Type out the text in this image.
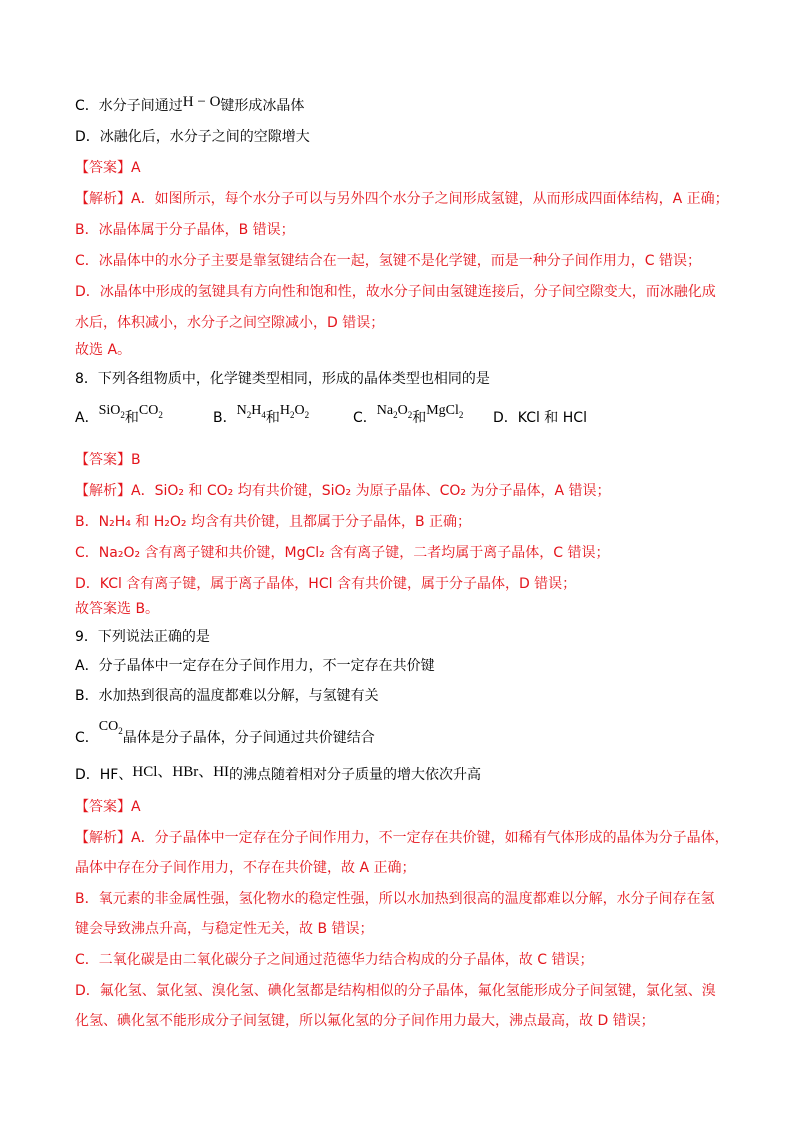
C．水分子间通过H − O键形成冰晶体
D．冰融化后，水分子之间的空隙增大
【答案】A
【解析】A．如图所示，每个水分子可以与另外四个水分子之间形成氢键，从而形成四面体结构，A 正确；
B．冰晶体属于分子晶体，B 错误；
C．冰晶体中的水分子主要是靠氢键结合在一起，氢键不是化学键，而是一种分子间作用力，C 错误；
D．冰晶体中形成的氢键具有方向性和饱和性，故水分子间由氢键连接后，分子间空隙变大，而冰融化成
水后，体积减小，水分子之间空隙减小，D 错误；
故选 A。
8．下列各组物质中，化学键类型相同，形成的晶体类型也相同的是
A．SiO$_2$和$CO_2$	B．$N_2H_4$和$H_2O_2$	C．$Na_2O_2$和MgCl$_2$ D．KCl 和 HCl
【答案】B
【解析】A．SiO₂ 和 CO₂ 均有共价键，SiO₂ 为原子晶体、CO₂ 为分子晶体，A 错误；
B．N₂H₄ 和 H₂O₂ 均含有共价键，且都属于分子晶体，B 正确；
C．Na₂O₂ 含有离子键和共价键，MgCl₂ 含有离子键，二者均属于离子晶体，C 错误；
D．KCl 含有离子键，属于离子晶体，HCl 含有共价键，属于分子晶体，D 错误；
故答案选 B。
9．下列说法正确的是
A．分子晶体中一定存在分子间作用力，不一定存在共价键
B．水加热到很高的温度都难以分解，与氢键有关
C．$CO_2$晶体是分子晶体，分子间通过共价键结合
D．HF、HCl、HBr、HI的沸点随着相对分子质量的增大依次升高
【答案】A
【解析】A．分子晶体中一定存在分子间作用力，不一定存在共价键，如稀有气体形成的晶体为分子晶体，
晶体中存在分子间作用力，不存在共价键，故 A 正确；
B．氧元素的非金属性强，氢化物水的稳定性强，所以水加热到很高的温度都难以分解，水分子间存在氢
键会导致沸点升高，与稳定性无关，故 B 错误；
C．二氧化碳是由二氧化碳分子之间通过范德华力结合构成的分子晶体，故 C 错误；
D．氟化氢、氯化氢、溴化氢、碘化氢都是结构相似的分子晶体，氟化氢能形成分子间氢键，氯化氢、溴
化氢、碘化氢不能形成分子间氢键，所以氟化氢的分子间作用力最大，沸点最高，故 D 错误；
